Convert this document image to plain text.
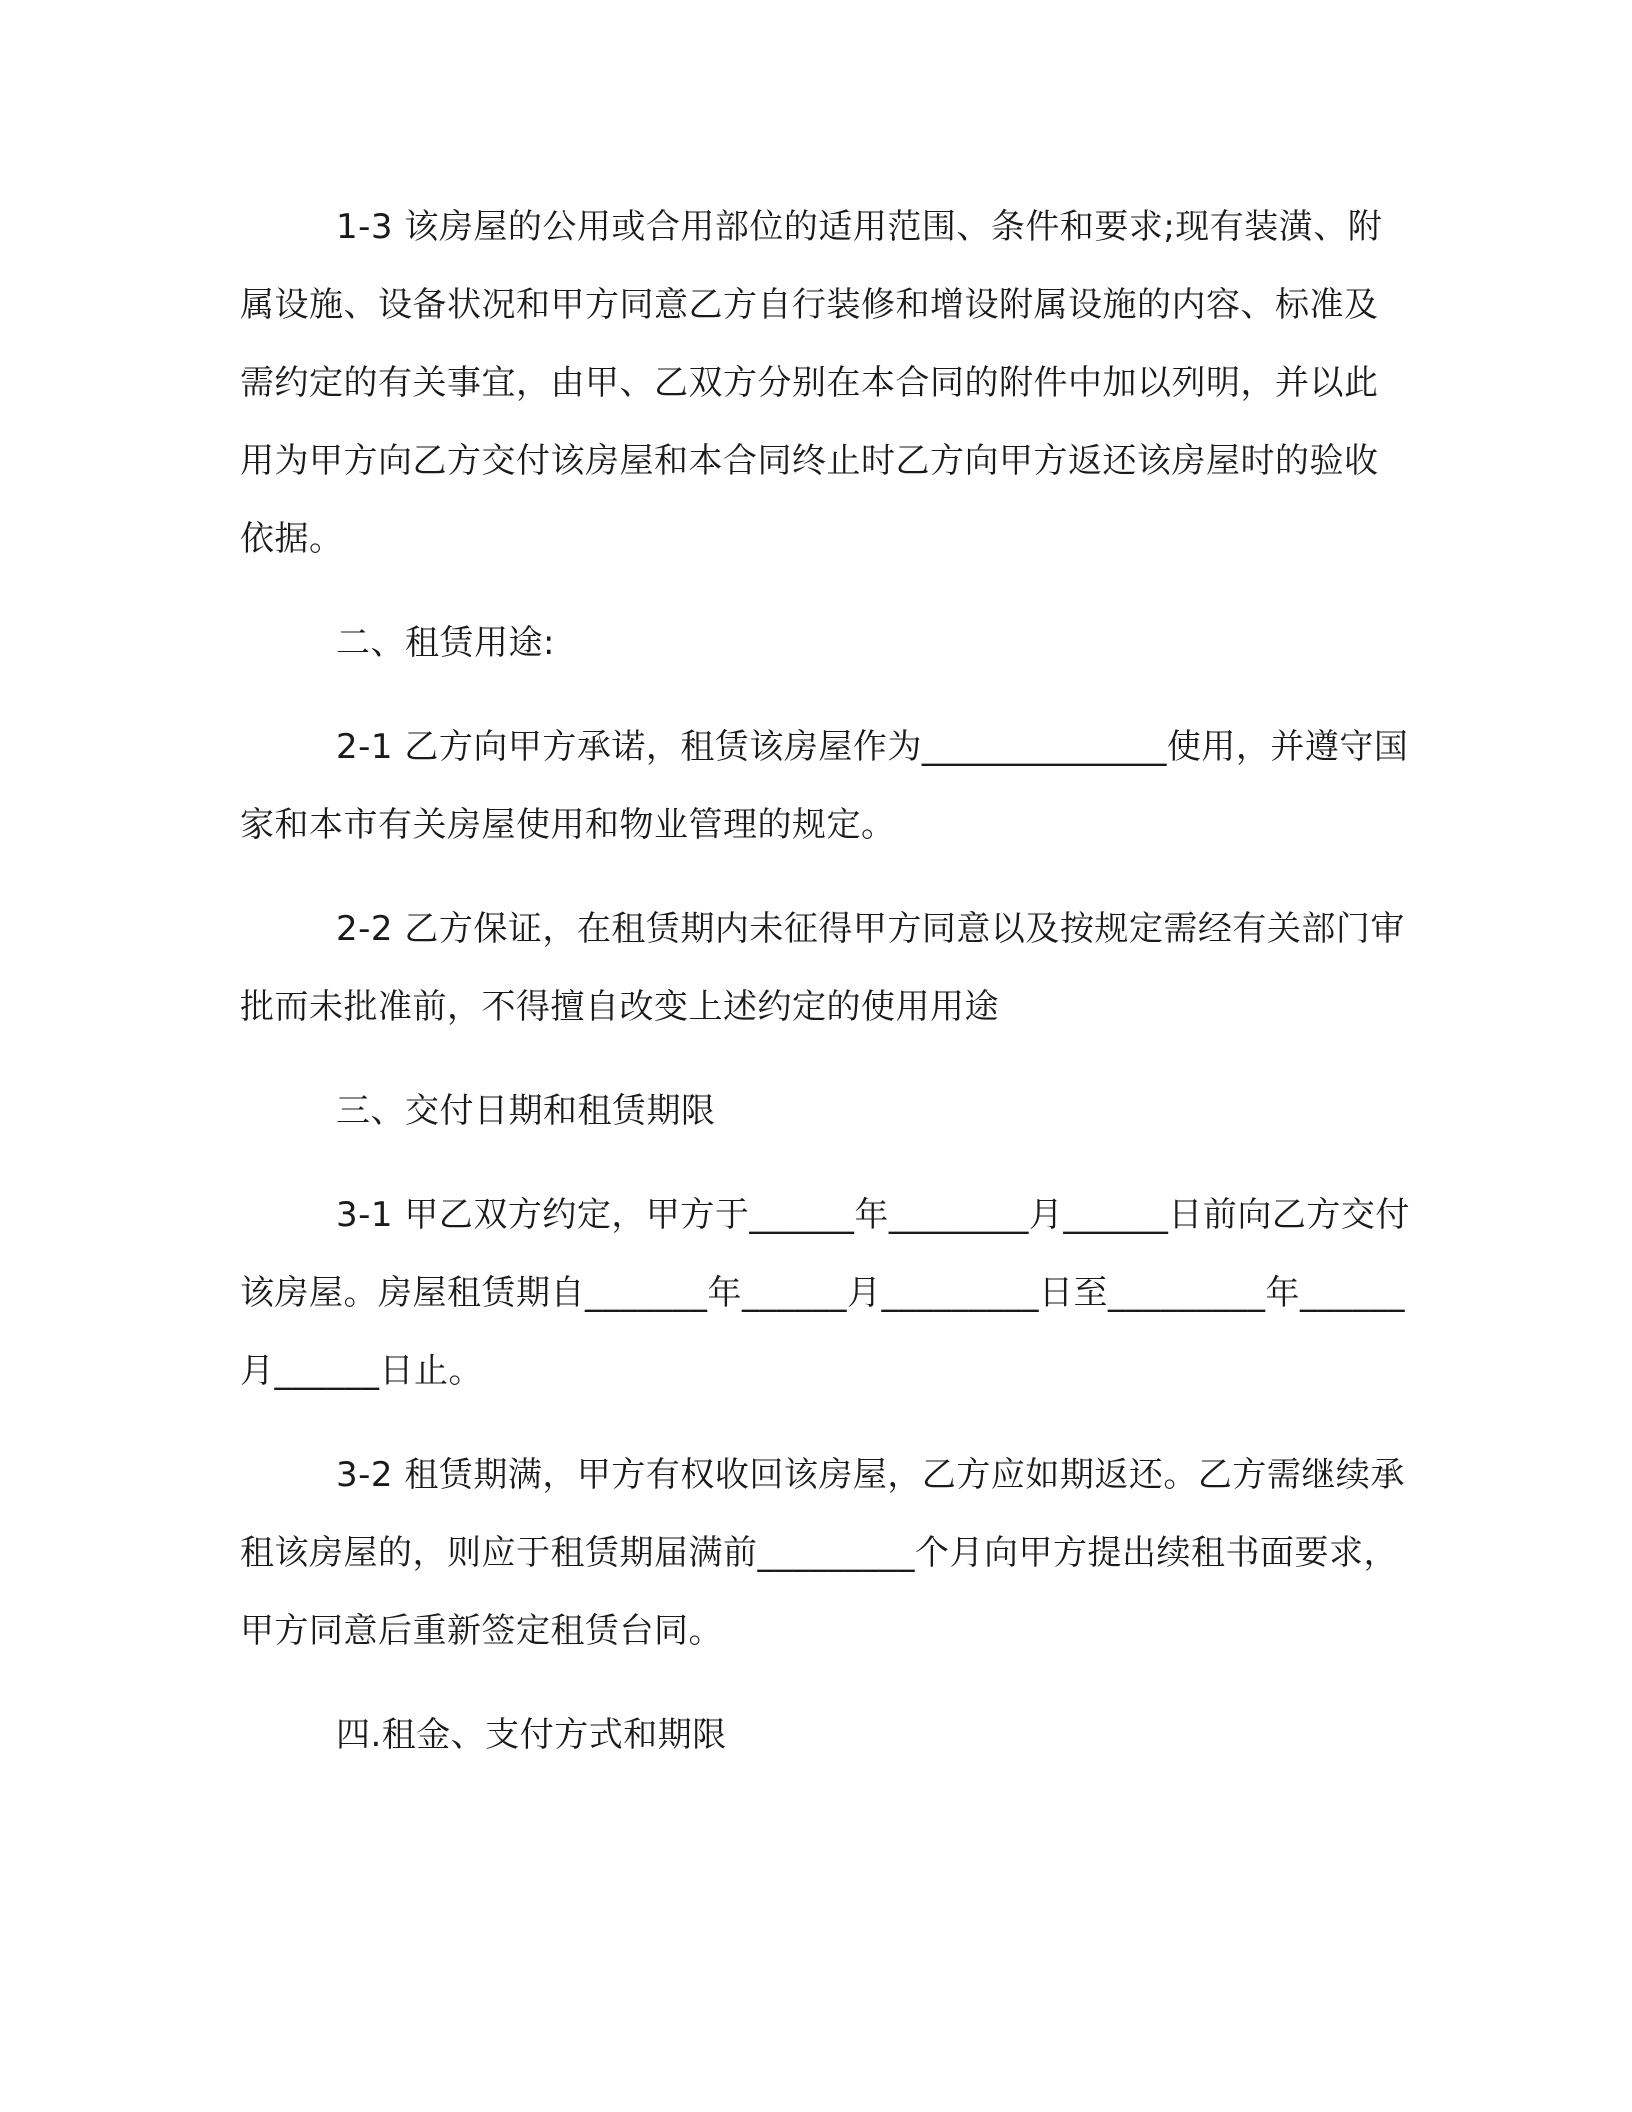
1-3 该房屋的公用或合用部位的适用范围、条件和要求;现有装潢、附属设施、设备状况和甲方同意乙方自行装修和增设附属设施的内容、标准及需约定的有关事宜，由甲、乙双方分别在本合同的附件中加以列明，并以此用为甲方向乙方交付该房屋和本合同终止时乙方向甲方返还该房屋时的验收依据。

二、租赁用途:

2-1 乙方向甲方承诺，租赁该房屋作为______________使用，并遵守国家和本市有关房屋使用和物业管理的规定。

2-2 乙方保证，在租赁期内未征得甲方同意以及按规定需经有关部门审批而未批准前，不得擅自改变上述约定的使用用途

三、交付日期和租赁期限

3-1 甲乙双方约定，甲方于______年________月______日前向乙方交付该房屋。房屋租赁期自_______年______月_________日至_________年______月______日止。

3-2 租赁期满，甲方有权收回该房屋，乙方应如期返还。乙方需继续承租该房屋的，则应于租赁期届满前_________个月向甲方提出续租书面要求，甲方同意后重新签定租赁台同。

四.租金、支付方式和期限
